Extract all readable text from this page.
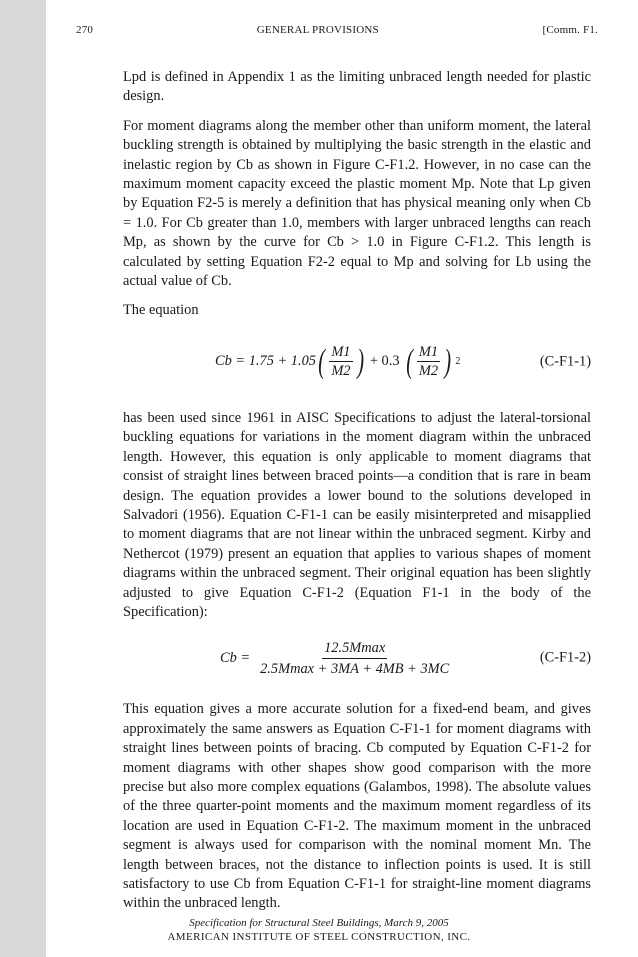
270	GENERAL PROVISIONS	[Comm. F1.

Lpd is defined in Appendix 1 as the limiting unbraced length needed for plastic design.

For moment diagrams along the member other than uniform moment, the lateral buckling strength is obtained by multiplying the basic strength in the elastic and inelastic region by Cb as shown in Figure C-F1.2. However, in no case can the maximum moment capacity exceed the plastic moment Mp. Note that Lp given by Equation F2-5 is merely a definition that has physical meaning only when Cb = 1.0. For Cb greater than 1.0, members with larger unbraced lengths can reach Mp, as shown by the curve for Cb > 1.0 in Figure C-F1.2. This length is calculated by setting Equation F2-2 equal to Mp and solving for Lb using the actual value of Cb.

The equation

Cb = 1.75 + 1.05 ( $\frac{M1}{M2}$ ) + 0.3 ( $\frac{M1}{M2}$ ) 2	(C-F1-1)

has been used since 1961 in AISC Specifications to adjust the lateral-torsional buckling equations for variations in the moment diagram within the unbraced length. However, this equation is only applicable to moment diagrams that consist of straight lines between braced points—a condition that is rare in beam design. The equation provides a lower bound to the solutions developed in Salvadori (1956). Equation C-F1-1 can be easily misinterpreted and misapplied to moment diagrams that are not linear within the unbraced segment. Kirby and Nethercot (1979) present an equation that applies to various shapes of moment diagrams within the unbraced segment. Their original equation has been slightly adjusted to give Equation C-F1-2 (Equation F1-1 in the body of the Specification):

$Cb = \frac{12.5Mmax}{2.5Mmax + 3MA + 4MB + 3MC}$	(C-F1-2)

This equation gives a more accurate solution for a fixed-end beam, and gives approximately the same answers as Equation C-F1-1 for moment diagrams with straight lines between points of bracing. Cb computed by Equation C-F1-2 for moment diagrams with other shapes show good comparison with the more precise but also more complex equations (Galambos, 1998). The absolute values of the three quarter-point moments and the maximum moment regardless of its location are used in Equation C-F1-2. The maximum moment in the unbraced segment is always used for comparison with the nominal moment Mn. The length between braces, not the distance to inflection points is used. It is still satisfactory to use Cb from Equation C-F1-1 for straight-line moment diagrams within the unbraced length.

Specification for Structural Steel Buildings, March 9, 2005
AMERICAN INSTITUTE OF STEEL CONSTRUCTION, INC.
